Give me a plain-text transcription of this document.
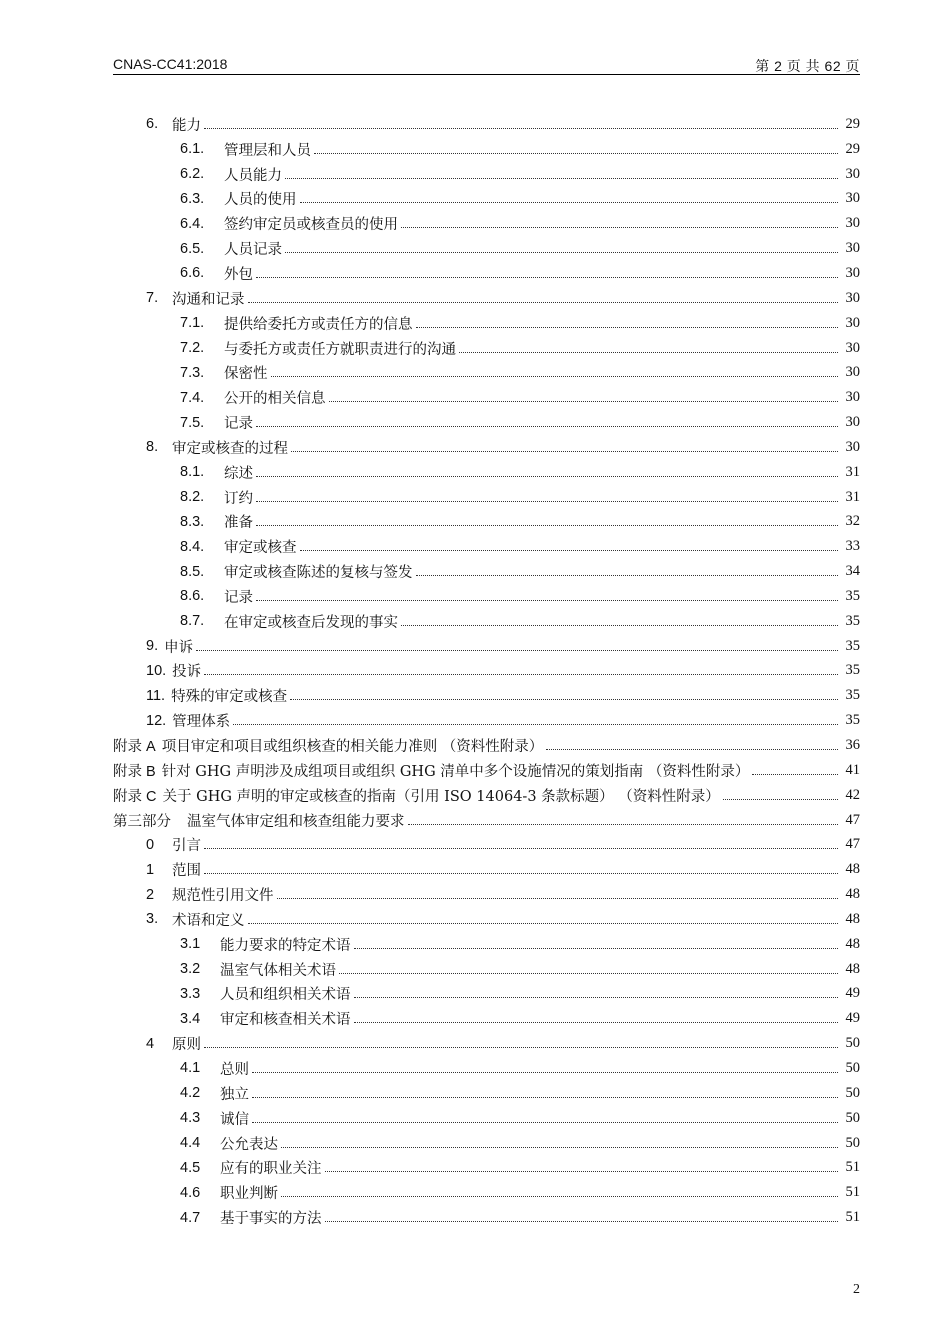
CNAS-CC41:2018	第 2 页 共 62 页
6. 能力	29
6.1.	管理层和人员	29
6.2.	人员能力	30
6.3.	人员的使用	30
6.4.	签约审定员或核查员的使用	30
6.5.	人员记录	30
6.6.	外包	30
7. 沟通和记录	30
7.1.	提供给委托方或责任方的信息	30
7.2.	与委托方或责任方就职责进行的沟通	30
7.3.	保密性	30
7.4.	公开的相关信息	30
7.5.	记录	30
8. 审定或核查的过程	30
8.1.	综述	31
8.2.	订约	31
8.3.	准备	32
8.4.	审定或核查	33
8.5.	审定或核查陈述的复核与签发	34
8.6.	记录	35
8.7.	在审定或核查后发现的事实	35
9. 申诉	35
10. 投诉	35
11. 特殊的审定或核查	35
12. 管理体系	35
附录 A 项目审定和项目或组织核查的相关能力准则 （资料性附录）	36
附录 B 针对 GHG 声明涉及成组项目或组织 GHG 清单中多个设施情况的策划指南 （资料性附录）	41
附录 C 关于 GHG 声明的审定或核查的指南（引用 ISO 14064-3 条款标题） （资料性附录）	42
第三部分 温室气体审定组和核查组能力要求	47
0	引言	47
1	范围	48
2	规范性引用文件	48
3. 术语和定义	48
3.1	能力要求的特定术语	48
3.2	温室气体相关术语	48
3.3	人员和组织相关术语	49
3.4	审定和核查相关术语	49
4	原则	50
4.1	总则	50
4.2	独立	50
4.3	诚信	50
4.4	公允表达	50
4.5	应有的职业关注	51
4.6	职业判断	51
4.7	基于事实的方法	51
2
